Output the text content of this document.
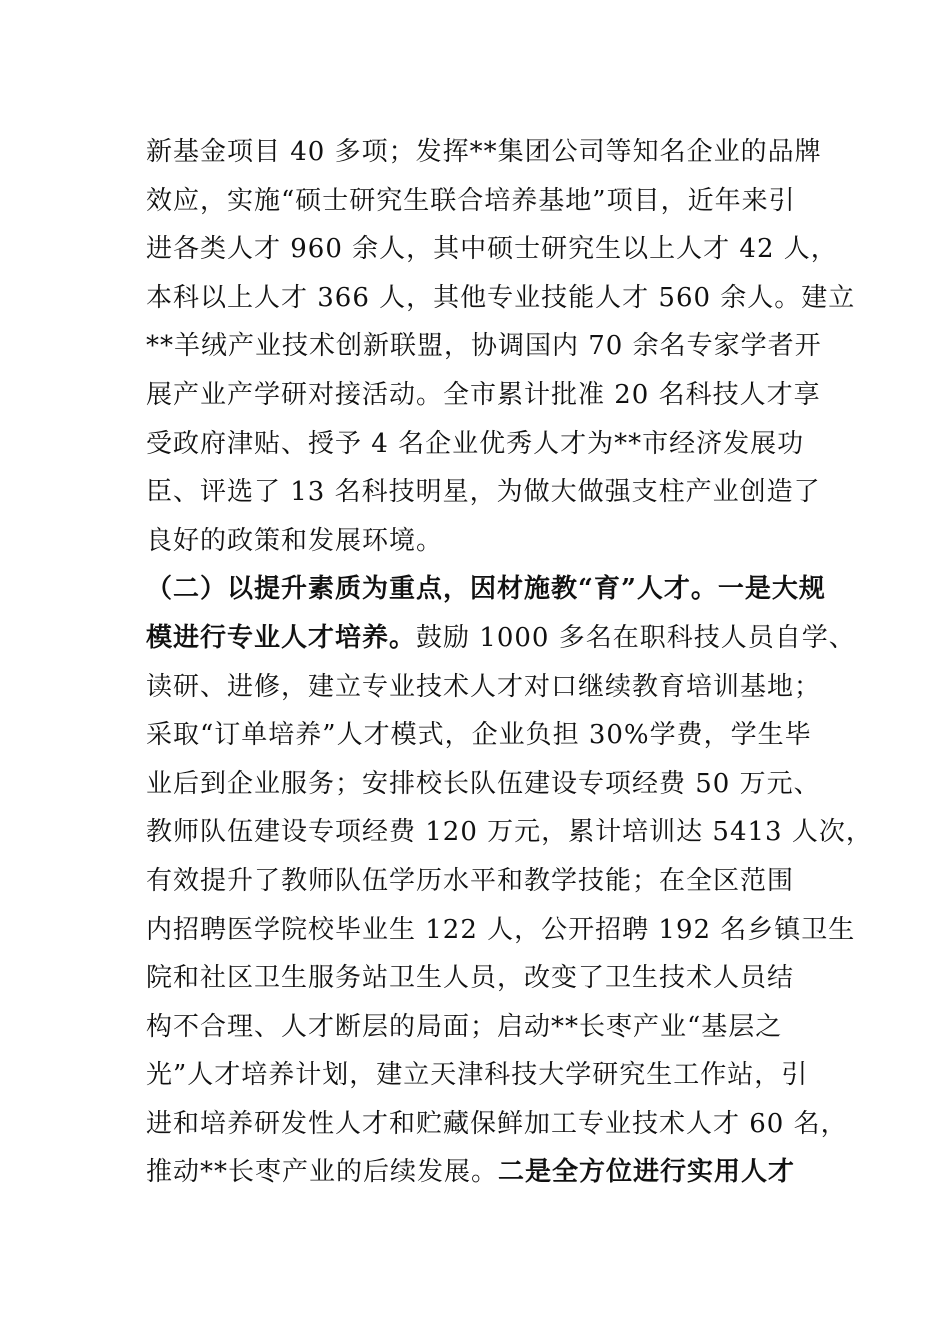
新基金项目 40 多项；发挥**集团公司等知名企业的品牌
效应，实施“硕士研究生联合培养基地”项目，近年来引
进各类人才 960 余人，其中硕士研究生以上人才 42 人，
本科以上人才 366 人，其他专业技能人才 560 余人。建立
**羊绒产业技术创新联盟，协调国内 70 余名专家学者开
展产业产学研对接活动。全市累计批准 20 名科技人才享
受政府津贴、授予 4 名企业优秀人才为**市经济发展功
臣、评选了 13 名科技明星，为做大做强支柱产业创造了
良好的政策和发展环境。
（二）以提升素质为重点，因材施教“育”人才。一是大规
模进行专业人才培养。鼓励 1000 多名在职科技人员自学、
读研、进修，建立专业技术人才对口继续教育培训基地；
采取“订单培养”人才模式，企业负担 30%学费，学生毕
业后到企业服务；安排校长队伍建设专项经费 50 万元、
教师队伍建设专项经费 120 万元，累计培训达 5413 人次，
有效提升了教师队伍学历水平和教学技能；在全区范围
内招聘医学院校毕业生 122 人，公开招聘 192 名乡镇卫生
院和社区卫生服务站卫生人员，改变了卫生技术人员结
构不合理、人才断层的局面；启动**长枣产业“基层之
光”人才培养计划，建立天津科技大学研究生工作站，引
进和培养研发性人才和贮藏保鲜加工专业技术人才 60 名，
推动**长枣产业的后续发展。二是全方位进行实用人才
